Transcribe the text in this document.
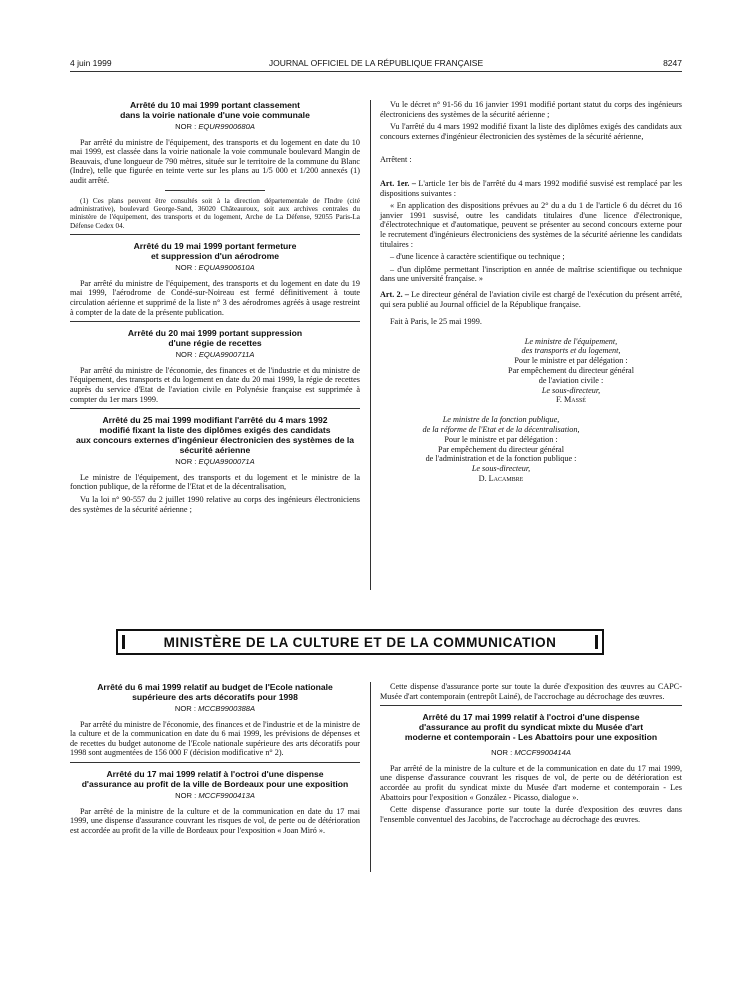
4 juin 1999	JOURNAL OFFICIEL DE LA RÉPUBLIQUE FRANÇAISE	8247
Arrêté du 10 mai 1999 portant classement
dans la voirie nationale d'une voie communale
NOR : EQUR9900680A

Par arrêté du ministre de l'équipement, des transports et du logement en date du 10 mai 1999, est classée dans la voirie nationale la voie communale boulevard Mangin de Beauvais, d'une longueur de 790 mètres, située sur le territoire de la commune du Blanc (Indre), telle que figurée en teinte verte sur les plans au 1/5 000 et 1/200 annexés (1) audit arrêté.

(1) Ces plans peuvent être consultés soit à la direction départementale de l'Indre (cité administrative), boulevard George-Sand, 36020 Châteauroux, soit aux archives centrales du ministère de l'équipement, des transports et du logement, Arche de La Défense, 92055 Paris-La Défense Cedex 04.

Arrêté du 19 mai 1999 portant fermeture
et suppression d'un aérodrome
NOR : EQUA9900610A

Par arrêté du ministre de l'équipement, des transports et du logement en date du 19 mai 1999, l'aérodrome de Condé-sur-Noireau est fermé définitivement à toute circulation aérienne et supprimé de la liste n° 3 des aérodromes agréés à usage restreint à compter de la date de la présente publication.

Arrêté du 20 mai 1999 portant suppression
d'une régie de recettes
NOR : EQUA9900711A

Par arrêté du ministre de l'économie, des finances et de l'industrie et du ministre de l'équipement, des transports et du logement en date du 20 mai 1999, la régie de recettes auprès du service d'Etat de l'aviation civile en Polynésie française est supprimée à compter du 1er mars 1999.

Arrêté du 25 mai 1999 modifiant l'arrêté du 4 mars 1992
modifié fixant la liste des diplômes exigés des candidats
aux concours externes d'ingénieur électronicien des systèmes de la sécurité aérienne
NOR : EQUA9900071A

Le ministre de l'équipement, des transports et du logement et le ministre de la fonction publique, de la réforme de l'Etat et de la décentralisation,

Vu la loi n° 90-557 du 2 juillet 1990 relative au corps des ingénieurs électroniciens des systèmes de la sécurité aérienne ;

Vu le décret n° 91-56 du 16 janvier 1991 modifié portant statut du corps des ingénieurs électroniciens des systèmes de la sécurité aérienne ;

Vu l'arrêté du 4 mars 1992 modifié fixant la liste des diplômes exigés des candidats aux concours externes d'ingénieur électronicien des systèmes de la sécurité aérienne,

Arrêtent :

Art. 1er. – L'article 1er bis de l'arrêté du 4 mars 1992 modifié susvisé est remplacé par les dispositions suivantes :

« En application des dispositions prévues au 2° du a du 1 de l'article 6 du décret du 16 janvier 1991 susvisé, outre les candidats titulaires d'une licence d'électronique, d'électrotechnique et d'automatique, peuvent se présenter au second concours externe pour le recrutement d'ingénieurs électroniciens des systèmes de la sécurité aérienne les candidats titulaires :

– d'une licence à caractère scientifique ou technique ;

– d'un diplôme permettant l'inscription en année de maîtrise scientifique ou technique dans une université française. »

Art. 2. – Le directeur général de l'aviation civile est chargé de l'exécution du présent arrêté, qui sera publié au Journal officiel de la République française.

Fait à Paris, le 25 mai 1999.

Le ministre de l'équipement,
des transports et du logement,
Pour le ministre et par délégation :
Par empêchement du directeur général
de l'aviation civile :
Le sous-directeur,
F. Massé
Le ministre de la fonction publique,
de la réforme de l'Etat et de la décentralisation,
Pour le ministre et par délégation :
Par empêchement du directeur général
de l'administration et de la fonction publique :
Le sous-directeur,
D. Lacambre
MINISTÈRE DE LA CULTURE ET DE LA COMMUNICATION
Arrêté du 6 mai 1999 relatif au budget de l'Ecole nationale
supérieure des arts décoratifs pour 1998
NOR : MCCB9900388A

Par arrêté du ministre de l'économie, des finances et de l'industrie et de la ministre de la culture et de la communication en date du 6 mai 1999, les prévisions de dépenses et de recettes du budget autonome de l'Ecole nationale supérieure des arts décoratifs pour 1998 sont augmentées de 156 000 F (décision modificative n° 2).

Arrêté du 17 mai 1999 relatif à l'octroi d'une dispense
d'assurance au profit de la ville de Bordeaux pour une exposition
NOR : MCCF9900413A

Par arrêté de la ministre de la culture et de la communication en date du 17 mai 1999, une dispense d'assurance couvrant les risques de vol, de perte ou de détérioration est accordée au profit de la ville de Bordeaux pour l'exposition « Joan Miró ».

Cette dispense d'assurance porte sur toute la durée d'exposition des œuvres au CAPC-Musée d'art contemporain (entrepôt Lainé), de l'accrochage au décrochage des œuvres.

Arrêté du 17 mai 1999 relatif à l'octroi d'une dispense
d'assurance au profit du syndicat mixte du Musée d'art
moderne et contemporain - Les Abattoirs pour une exposition
NOR : MCCF9900414A

Par arrêté de la ministre de la culture et de la communication en date du 17 mai 1999, une dispense d'assurance couvrant les risques de vol, de perte ou de détérioration est accordée au profit du syndicat mixte du Musée d'art moderne et contemporain - Les Abattoirs pour l'exposition « González - Picasso, dialogue ».

Cette dispense d'assurance porte sur toute la durée d'exposition des œuvres dans l'ensemble conventuel des Jacobins, de l'accrochage au décrochage des œuvres.
